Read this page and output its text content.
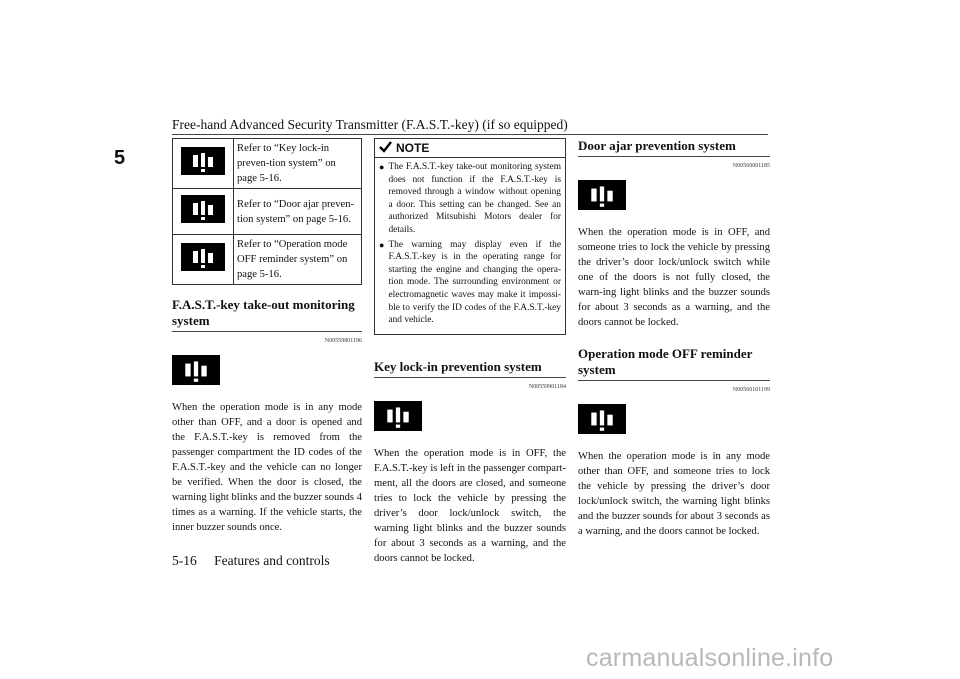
Free-hand Advanced Security Transmitter (F.A.S.T.-key) (if so equipped)
5
		Refer to “Key lock-in preven-tion system” on page 5-16.

	Refer to “Door ajar preven-tion system” on page 5-16.

	Refer to “Operation mode OFF reminder system” on page 5-16.
F.A.S.T.-key take-out monitoring system
N00559801196

When the operation mode is in any mode other than OFF, and a door is opened and the F.A.S.T.-key is removed from the passenger compartment the ID codes of the F.A.S.T.-key and the vehicle can no longer be verified. When the door is closed, the warning light blinks and the buzzer sounds 4 times as a warning. If the vehicle starts, the inner buzzer sounds once.

NOTE
● The F.A.S.T.-key take-out monitoring system does not function if the F.A.S.T.-key is removed through a window without opening a door. This setting can be changed. See an authorized Mitsubishi Motors dealer for details.
● The warning may display even if the F.A.S.T.-key is in the operating range for starting the engine and changing the opera-tion mode. The surrounding environment or electromagnetic waves may make it impossi-ble to verify the ID codes of the F.A.S.T.-key and vehicle.
Key lock-in prevention system
N00559901184

When the operation mode is in OFF, the F.A.S.T.-key is left in the passenger compart-ment, all the doors are closed, and someone tries to lock the vehicle by pressing the driver’s door lock/unlock switch, the warning light blinks and the buzzer sounds for about 3 seconds as a warning, and the doors cannot be locked.

Door ajar prevention system
N00560001185

When the operation mode is in OFF, and someone tries to lock the vehicle by pressing the driver’s door lock/unlock switch while one of the doors is not fully closed, the warn-ing light blinks and the buzzer sounds for about 3 seconds as a warning, and the doors cannot be locked.

Operation mode OFF reminder system
N00560101199

When the operation mode is in any mode other than OFF, and someone tries to lock the vehicle by pressing the driver’s door lock/unlock switch, the warning light blinks and the buzzer sounds for about 3 seconds as a warning, and the doors cannot be locked.

5-16 Features and controls
carmanualsonline.info
